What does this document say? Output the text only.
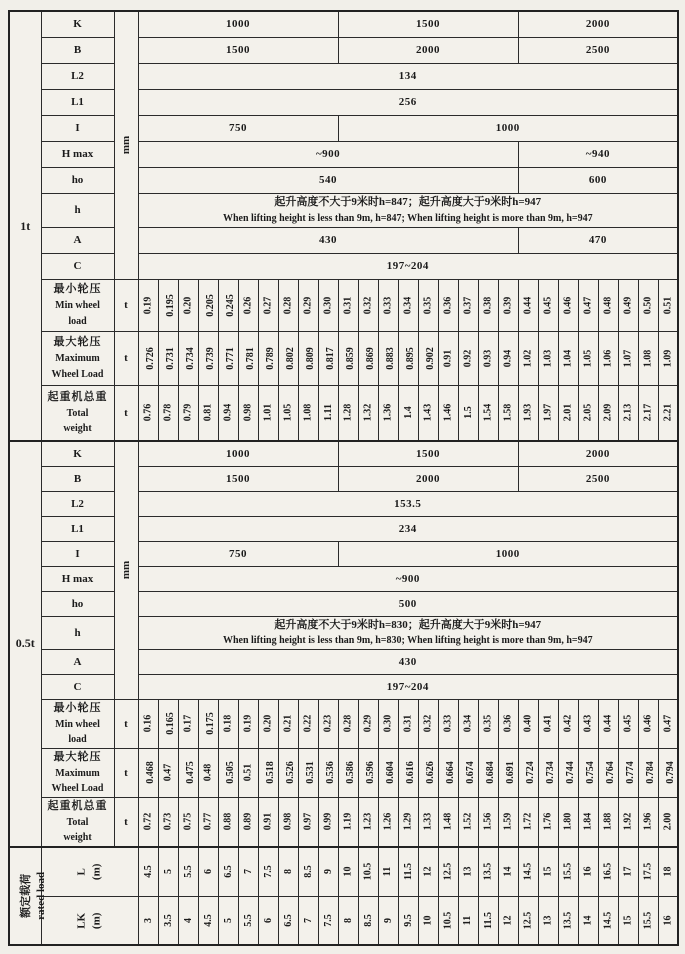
1t	K	mm	1000										1500									2000							
	B		1500										2000									2500							
	L2		134																										
	L1		256																										
	I		750										1000																
	H max		~900																			~940							
	ho		540																			600							
	h		起升高度不大于9米时h=847；起升高度大于9米时h=947
When lifting height is less than 9m, h=847; When lifting height is more than 9m, h=947																										

	A		430																			470							
	C		197~204																										

	最小轮压
Min wheel
load	t	0.19	0.195	0.20	0.205	0.245	0.26	0.27	0.28	0.29	0.30	0.31	0.32	0.33	0.34	0.35	0.36	0.37	0.38	0.39	0.44	0.45	0.46	0.47	0.48	0.49	0.50	0.51

	最大轮压
Maximum
Wheel Load	t	0.726	0.731	0.734	0.739	0.771	0.781	0.789	0.802	0.809	0.817	0.859	0.869	0.883	0.895	0.902	0.91	0.92	0.93	0.94	1.02	1.03	1.04	1.05	1.06	1.07	1.08	1.09

	起重机总重
Total
weight	t	0.76	0.78	0.79	0.81	0.94	0.98	1.01	1.05	1.08	1.11	1.28	1.32	1.36	1.4	1.43	1.46	1.5	1.54	1.58	1.93	1.97	2.01	2.05	2.09	2.13	2.17	2.21
0.5t	K	mm	1000										1500									2000							
	B		1500										2000									2500							
	L2		153.5																										
	L1		234																										
	I		750										1000																
	H max		~900																										
	ho		500																										
	h		起升高度不大于9米时h=830；起升高度大于9米时h=947
When lifting height is less than 9m, h=830; When lifting height is more than 9m, h=947																										

	A		430																										
	C		197~204																										

	最小轮压
Min wheel
load	t	0.16	0.165	0.17	0.175	0.18	0.19	0.20	0.21	0.22	0.23	0.28	0.29	0.30	0.31	0.32	0.33	0.34	0.35	0.36	0.40	0.41	0.42	0.43	0.44	0.45	0.46	0.47

	最大轮压
Maximum
Wheel Load	t	0.468	0.47	0.475	0.48	0.505	0.51	0.518	0.526	0.531	0.536	0.586	0.596	0.604	0.616	0.626	0.664	0.674	0.684	0.691	0.724	0.734	0.744	0.754	0.764	0.774	0.784	0.794

	起重机总重
Total
weight	t	0.72	0.73	0.75	0.77	0.88	0.89	0.91	0.98	0.97	0.99	1.19	1.23	1.26	1.29	1.33	1.48	1.52	1.56	1.59	1.72	1.76	1.80	1.84	1.88	1.92	1.96	2.00

额定载荷 rated load	L (m)	4.5	5	5.5	6	6.5	7	7.5	8	8.5	9	10	10.5	11	11.5	12	12.5	13	13.5	14	14.5	15	15.5	16	16.5	17	17.5	18

	LK (m)		3	3.5	4	4.5	5	5.5	6	6.5	7	7.5	8	8.5	9	9.5	10	10.5	11	11.5	12	12.5	13	13.5	14	14.5	15	15.5	16
